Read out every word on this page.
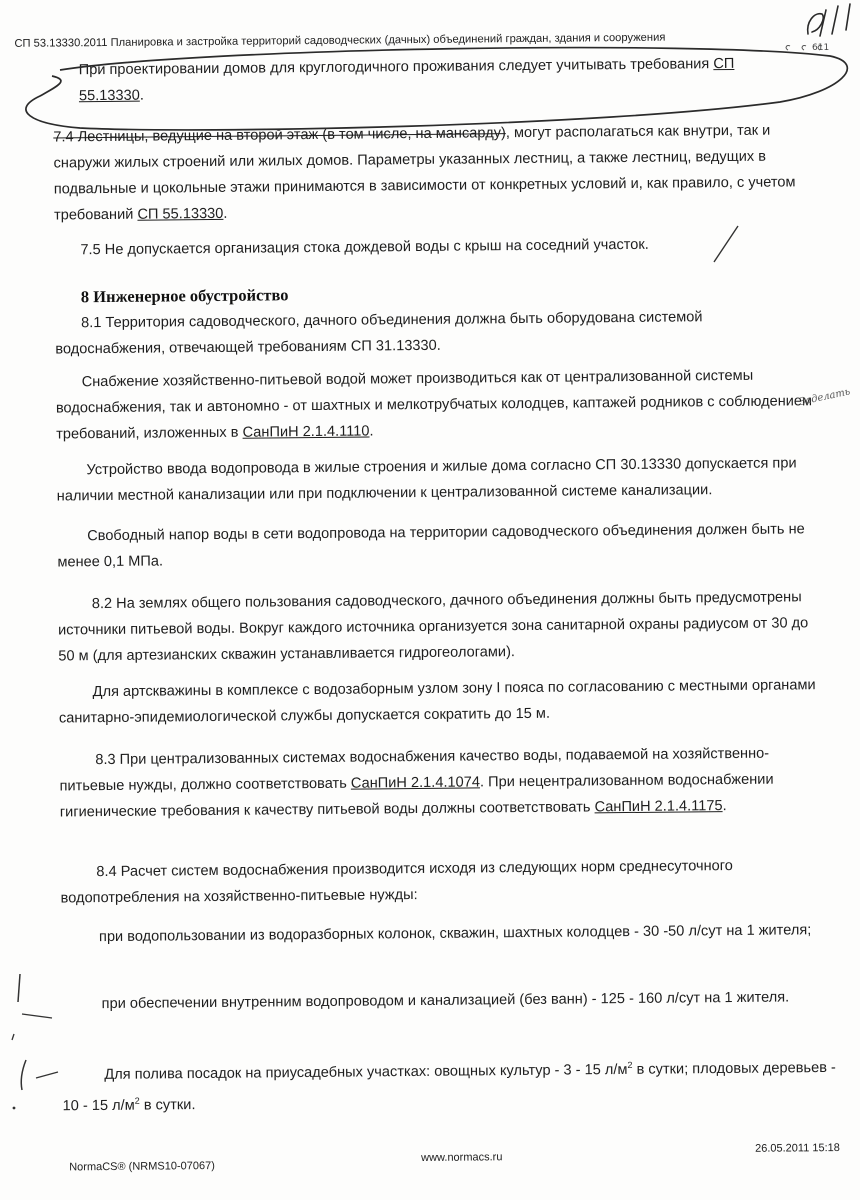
СП 53.13330.2011 Планировка и застройка территорий садоводческих (дачных) объединений граждан, здания и сооружения
При проектировании домов для круглогодичного проживания следует учитывать требования СП 55.13330.
7.4 Лестницы, ведущие на второй этаж (в том числе, на мансарду), могут располагаться как внутри, так и снаружи жилых строений или жилых домов. Параметры указанных лестниц, а также лестниц, ведущих в подвальные и цокольные этажи принимаются в зависимости от конкретных условий и, как правило, с учетом требований СП 55.13330.
7.5 Не допускается организация стока дождевой воды с крыш на соседний участок.
8 Инженерное обустройство
8.1 Территория садоводческого, дачного объединения должна быть оборудована системой водоснабжения, отвечающей требованиям СП 31.13330.
Снабжение хозяйственно-питьевой водой может производиться как от централизованной системы водоснабжения, так и автономно - от шахтных и мелкотрубчатых колодцев, каптажей родников с соблюдением требований, изложенных в СанПиН 2.1.4.1110.
Устройство ввода водопровода в жилые строения и жилые дома согласно СП 30.13330 допускается при наличии местной канализации или при подключении к централизованной системе канализации.
Свободный напор воды в сети водопровода на территории садоводческого объединения должен быть не менее 0,1 МПа.
8.2 На землях общего пользования садоводческого, дачного объединения должны быть предусмотрены источники питьевой воды. Вокруг каждого источника организуется зона санитарной охраны радиусом от 30 до 50 м (для артезианских скважин устанавливается гидрогеологами).
Для артскважины в комплексе с водозаборным узлом зону I пояса по согласованию с местными органами санитарно-эпидемиологической службы допускается сократить до 15 м.
8.3 При централизованных системах водоснабжения качество воды, подаваемой на хозяйственно-питьевые нужды, должно соответствовать СанПиН 2.1.4.1074. При нецентрализованном водоснабжении гигиенические требования к качеству питьевой воды должны соответствовать СанПиН 2.1.4.1175.
8.4 Расчет систем водоснабжения производится исходя из следующих норм среднесуточного водопотребления на хозяйственно-питьевые нужды:
при водопользовании из водоразборных колонок, скважин, шахтных колодцев - 30 -50 л/сут на 1 жителя;
при обеспечении внутренним водопроводом и канализацией (без ванн) - 125 - 160 л/сут на 1 жителя.
Для полива посадок на приусадебных участках: овощных культур - 3 - 15 $л/м^2$ в сутки; плодовых деревьев - 10 - 15 $л/м^2$ в сутки.
NormaCS® (NRMS10-07067)
www.normacs.ru
26.05.2011 15:18
611
Заделать
